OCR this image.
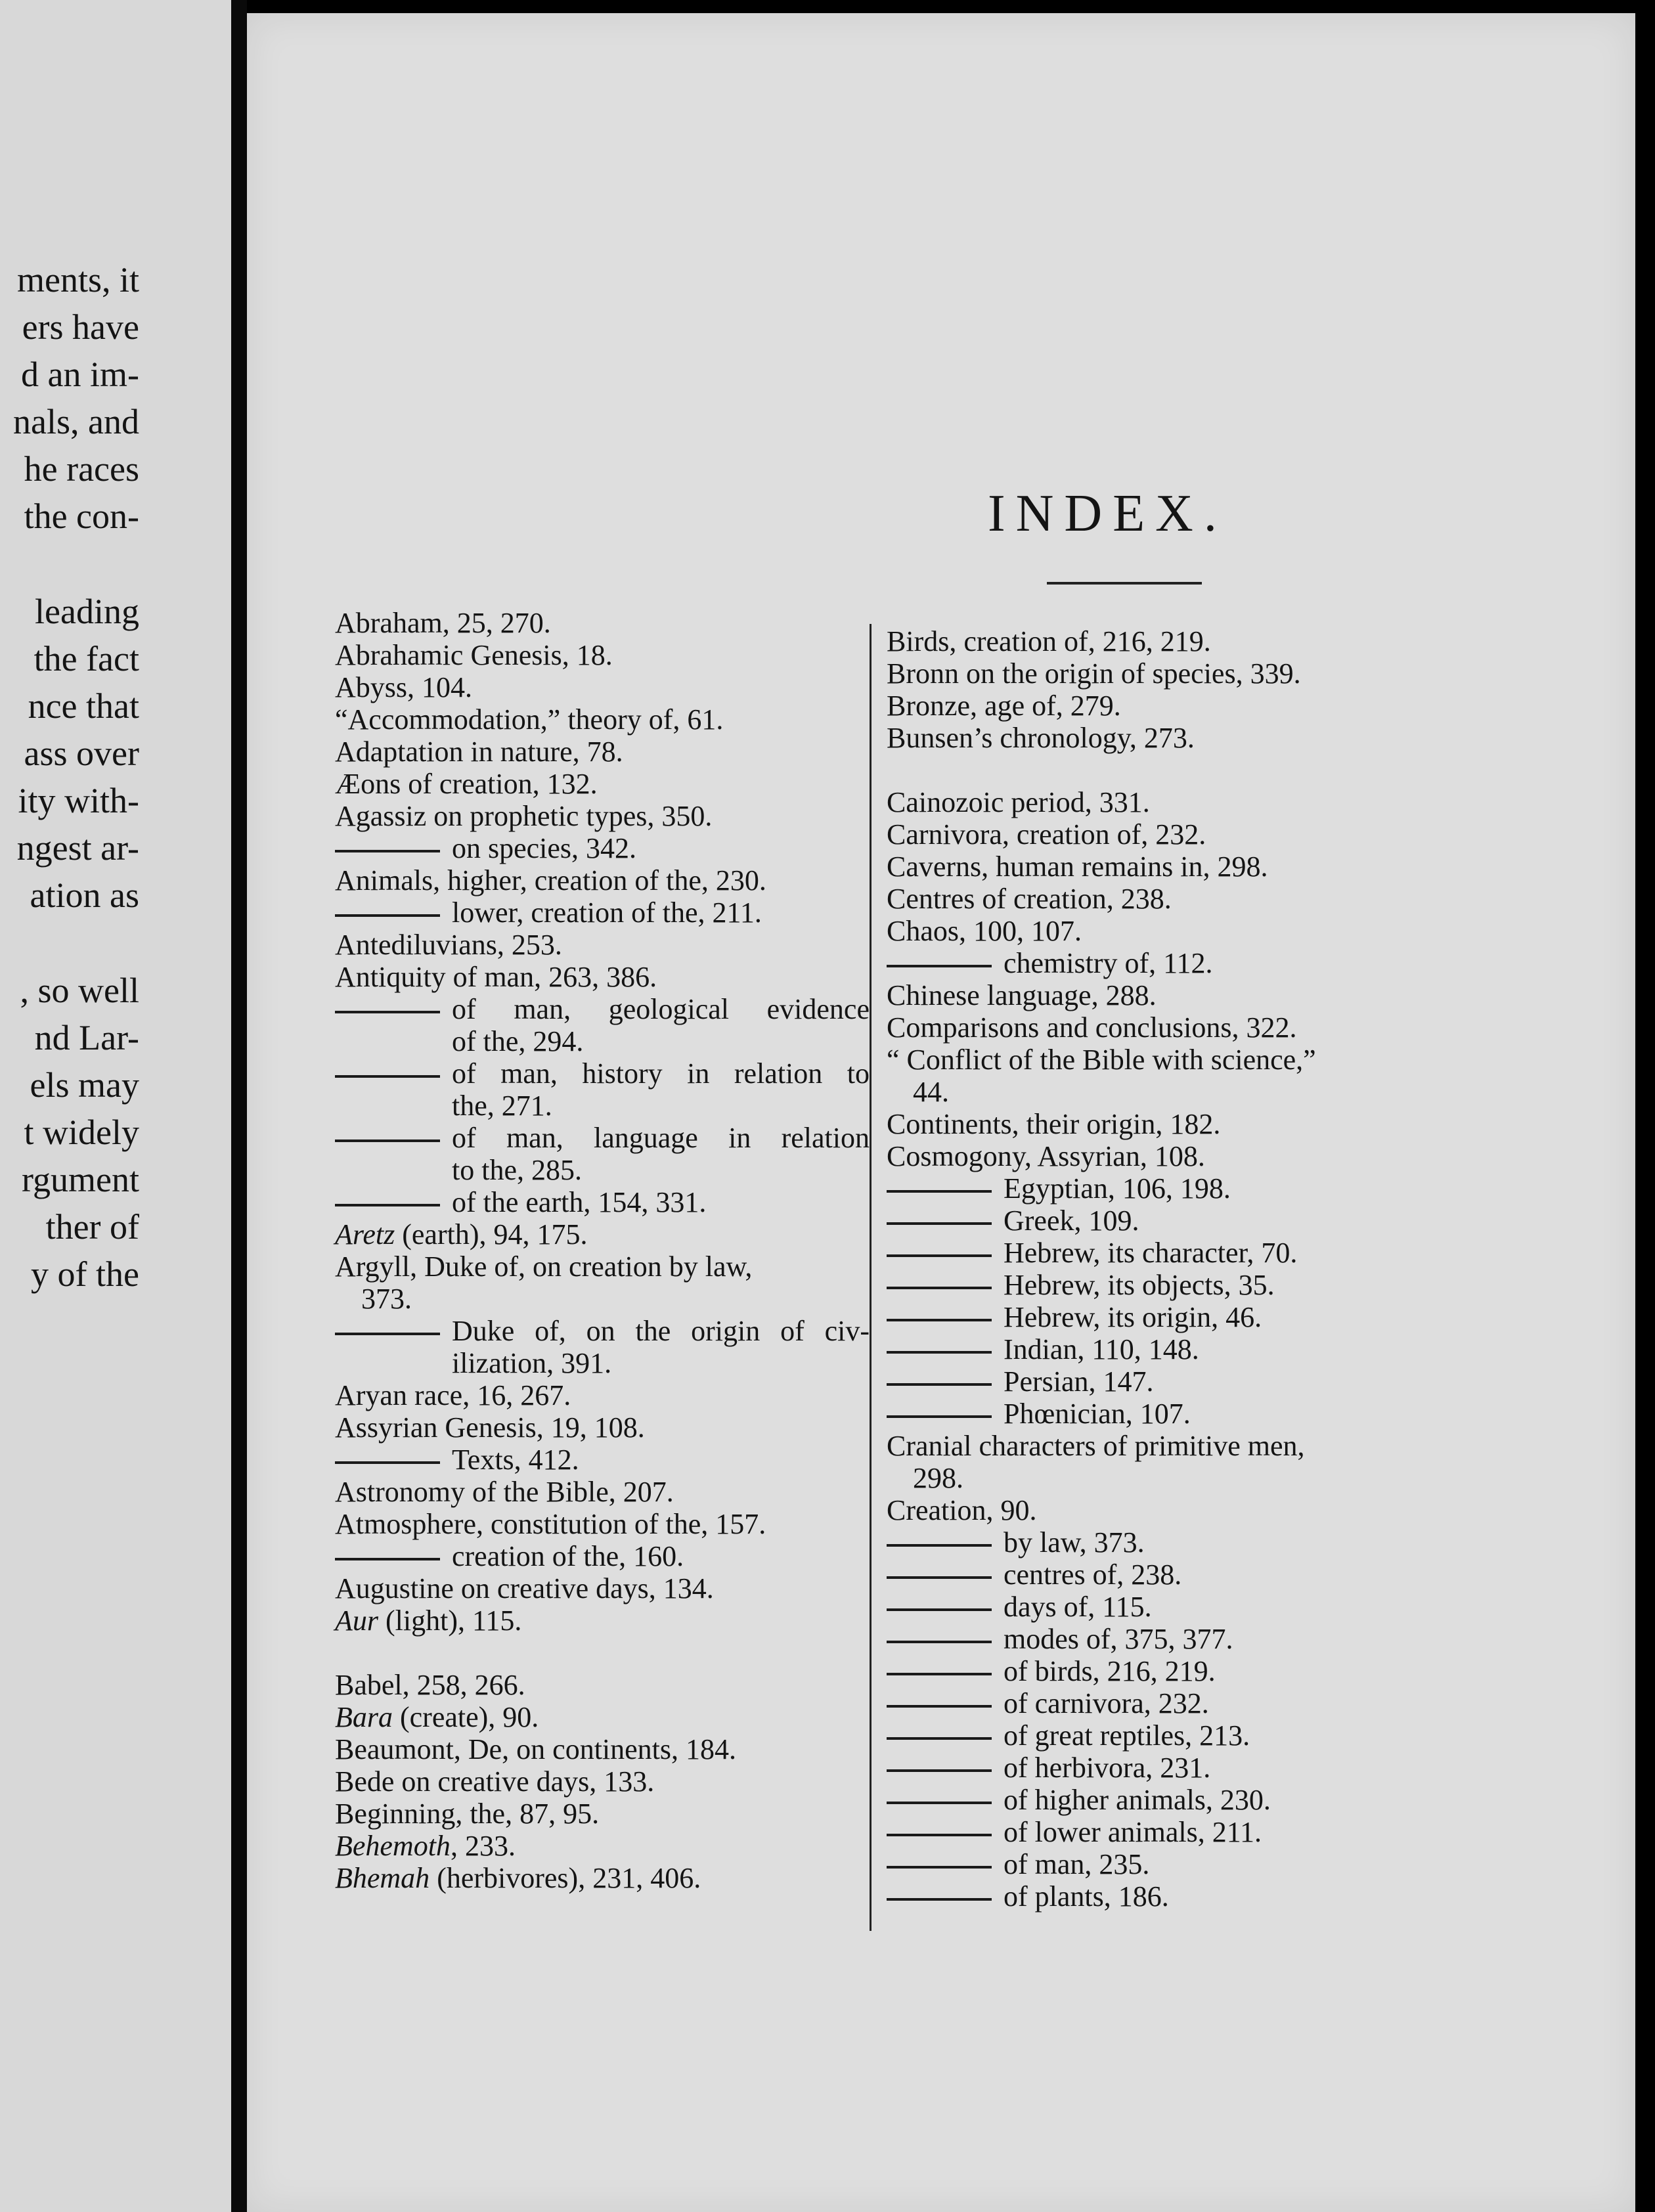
ments, it
ers have
d an im-
nals, and
he races
the con-
leading
the fact
nce that
ass over
ity with-
ngest ar-
ation as
, so well
nd Lar-
els may
t widely
rgument
ther of
y of the
INDEX.
Abraham, 25, 270.
Abrahamic Genesis, 18.
Abyss, 104.
“Accommodation,” theory of, 61.
Adaptation in nature, 78.
Æons of creation, 132.
Agassiz on prophetic types, 350.
on species, 342.
Animals, higher, creation of the, 230.
lower, creation of the, 211.
Antediluvians, 253.
Antiquity of man, 263, 386.
of man, geological evidence
of the, 294.
of man, history in relation to
the, 271.
of man, language in relation
to the, 285.
of the earth, 154, 331.
Aretz (earth), 94, 175.
Argyll, Duke of, on creation by law,
373.
Duke of, on the origin of civ-
ilization, 391.
Aryan race, 16, 267.
Assyrian Genesis, 19, 108.
Texts, 412.
Astronomy of the Bible, 207.
Atmosphere, constitution of the, 157.
creation of the, 160.
Augustine on creative days, 134.
Aur (light), 115.
Babel, 258, 266.
Bara (create), 90.
Beaumont, De, on continents, 184.
Bede on creative days, 133.
Beginning, the, 87, 95.
Behemoth, 233.
Bhemah (herbivores), 231, 406.
Birds, creation of, 216, 219.
Bronn on the origin of species, 339.
Bronze, age of, 279.
Bunsen’s chronology, 273.
Cainozoic period, 331.
Carnivora, creation of, 232.
Caverns, human remains in, 298.
Centres of creation, 238.
Chaos, 100, 107.
chemistry of, 112.
Chinese language, 288.
Comparisons and conclusions, 322.
“ Conflict of the Bible with science,”
44.
Continents, their origin, 182.
Cosmogony, Assyrian, 108.
Egyptian, 106, 198.
Greek, 109.
Hebrew, its character, 70.
Hebrew, its objects, 35.
Hebrew, its origin, 46.
Indian, 110, 148.
Persian, 147.
Phœnician, 107.
Cranial characters of primitive men,
298.
Creation, 90.
by law, 373.
centres of, 238.
days of, 115.
modes of, 375, 377.
of birds, 216, 219.
of carnivora, 232.
of great reptiles, 213.
of herbivora, 231.
of higher animals, 230.
of lower animals, 211.
of man, 235.
of plants, 186.
